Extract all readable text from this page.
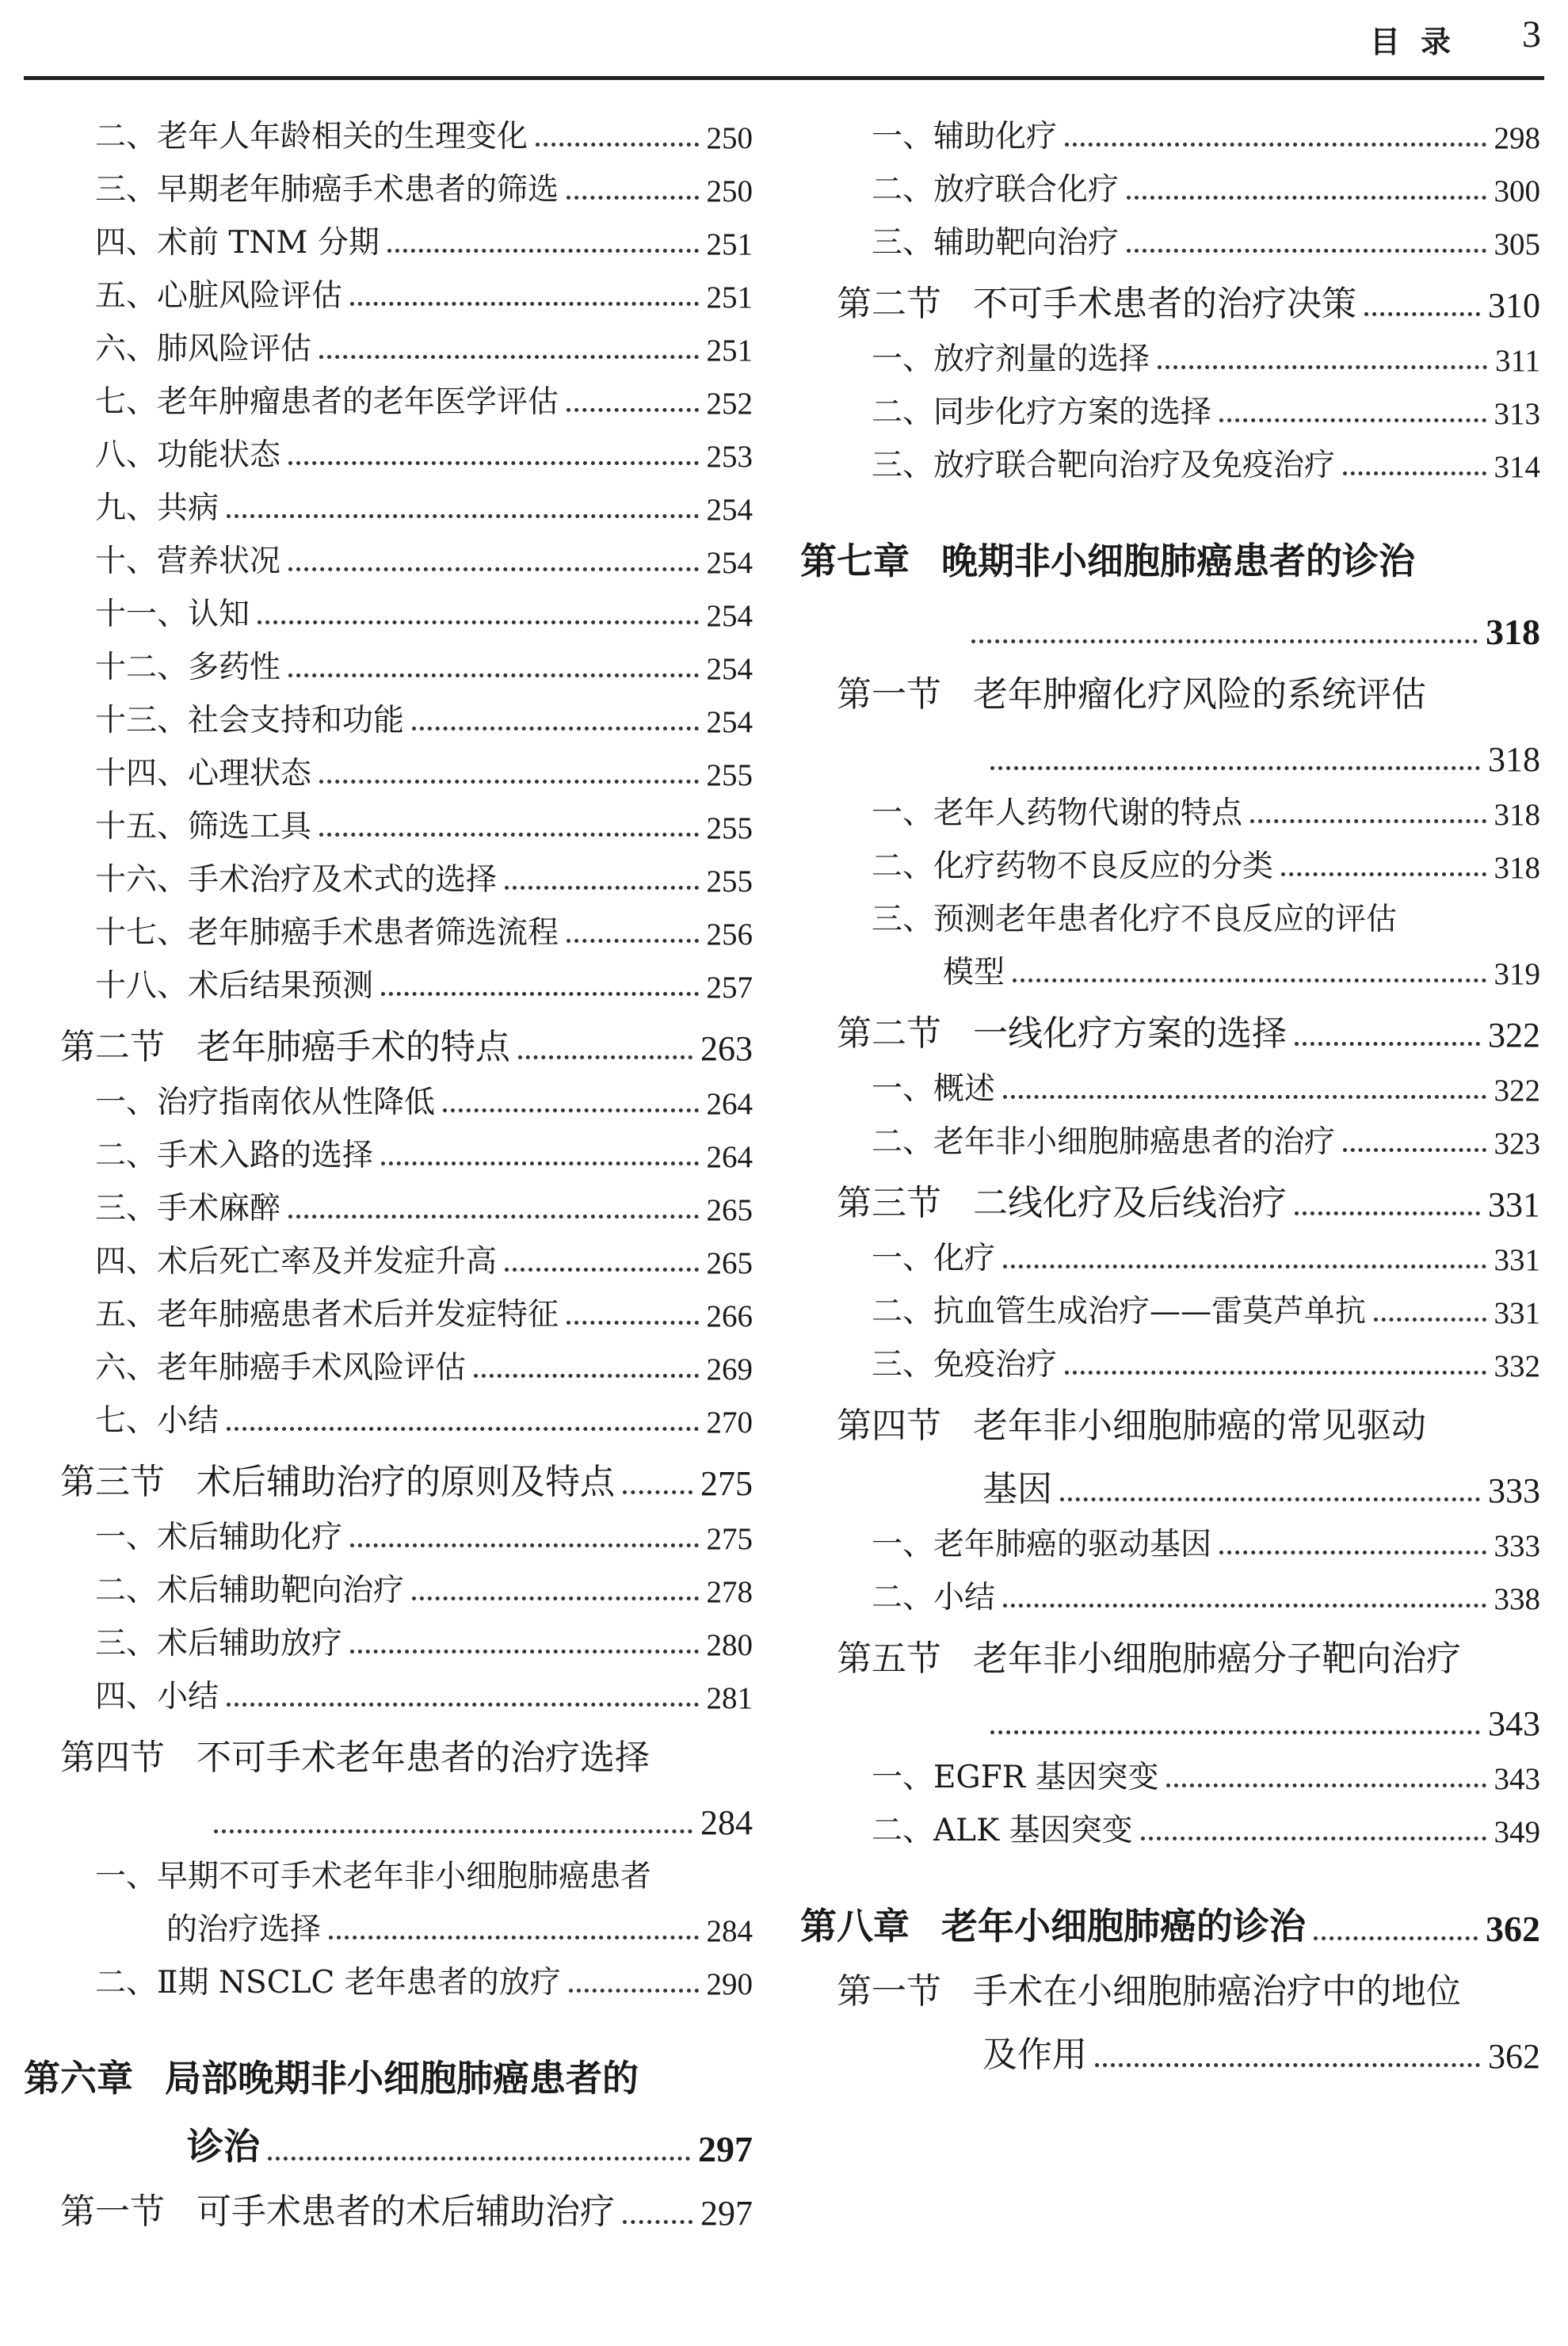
目录 3
二、老年人年龄相关的生理变化	250
三、早期老年肺癌手术患者的筛选	250
四、术前 TNM 分期	251
五、心脏风险评估	251
六、肺风险评估	251
七、老年肿瘤患者的老年医学评估	252
八、功能状态	253
九、共病	254
十、营养状况	254
十一、认知	254
十二、多药性	254
十三、社会支持和功能	254
十四、心理状态	255
十五、筛选工具	255
十六、手术治疗及术式的选择	255
十七、老年肺癌手术患者筛选流程	256
十八、术后结果预测	257
第二节 老年肺癌手术的特点	263
一、治疗指南依从性降低	264
二、手术入路的选择	264
三、手术麻醉	265
四、术后死亡率及并发症升高	265
五、老年肺癌患者术后并发症特征	266
六、老年肺癌手术风险评估	269
七、小结	270
第三节 术后辅助治疗的原则及特点 275
一、术后辅助化疗	275
二、术后辅助靶向治疗	278
三、术后辅助放疗	280
四、小结	281
第四节 不可手术老年患者的治疗选择
284
一、早期不可手术老年非小细胞肺癌患者
的治疗选择	284
二、Ⅱ期 NSCLC 老年患者的放疗	290
第六章 局部晚期非小细胞肺癌患者的
诊治	297
第一节 可手术患者的术后辅助治疗 297
一、辅助化疗	298
二、放疗联合化疗	300
三、辅助靶向治疗	305
第二节 不可手术患者的治疗决策	310
一、放疗剂量的选择	311
二、同步化疗方案的选择	313
三、放疗联合靶向治疗及免疫治疗	314
第七章 晚期非小细胞肺癌患者的诊治
318
第一节 老年肿瘤化疗风险的系统评估
318
一、老年人药物代谢的特点	318
二、化疗药物不良反应的分类	318
三、预测老年患者化疗不良反应的评估
模型	319
第二节 一线化疗方案的选择	322
一、概述	322
二、老年非小细胞肺癌患者的治疗	323
第三节 二线化疗及后线治疗	331
一、化疗	331
二、抗血管生成治疗——雷莫芦单抗	331
三、免疫治疗	332
第四节 老年非小细胞肺癌的常见驱动
基因	333
一、老年肺癌的驱动基因	333
二、小结	338
第五节 老年非小细胞肺癌分子靶向治疗
343
一、EGFR 基因突变	343
二、ALK 基因突变	349
第八章 老年小细胞肺癌的诊治	362
第一节 手术在小细胞肺癌治疗中的地位
及作用	362
